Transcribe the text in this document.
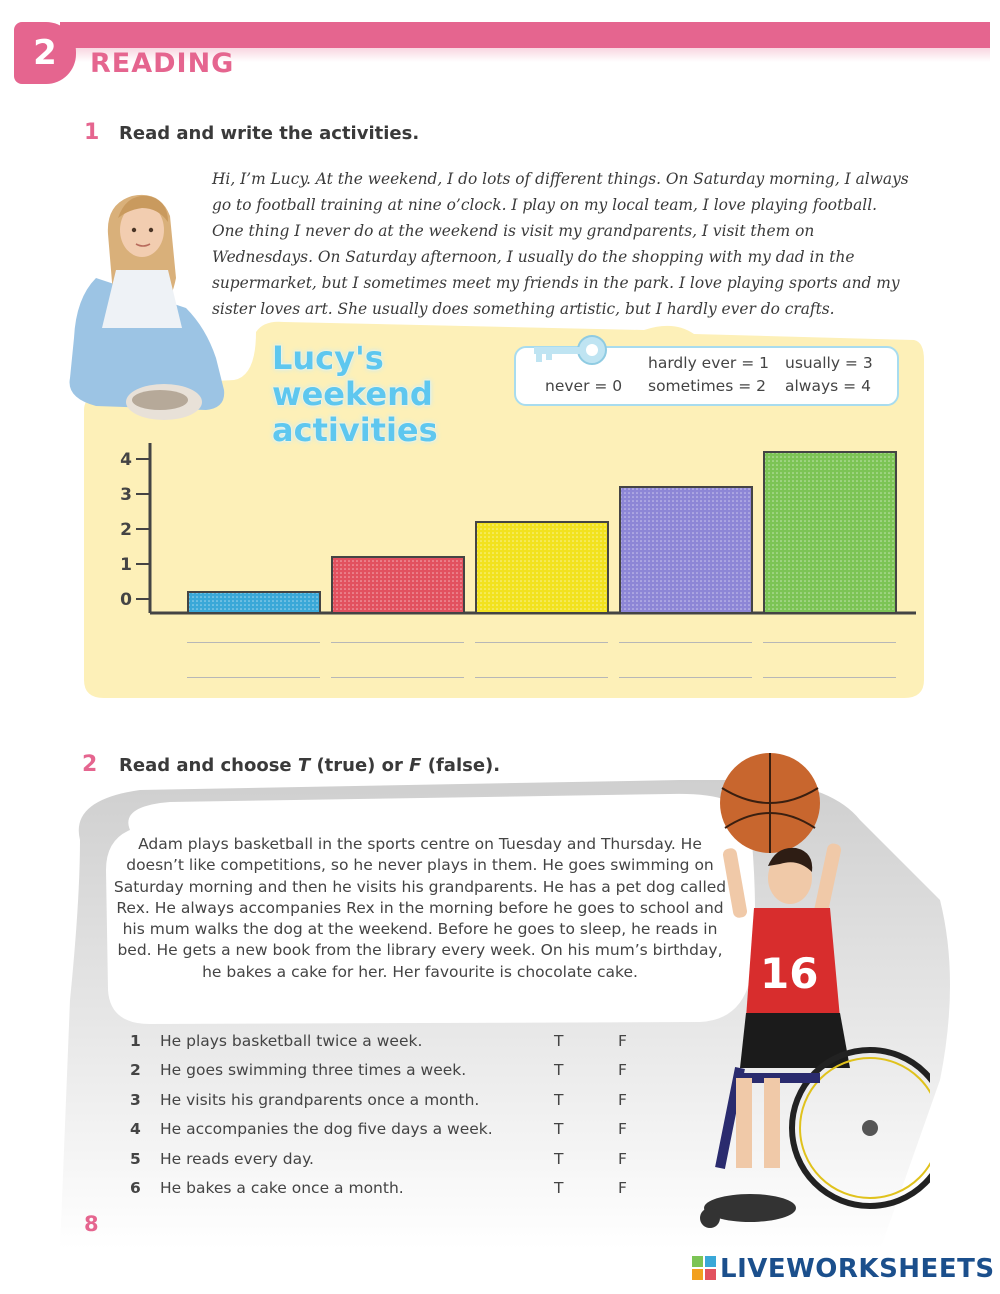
2 READING
1 Read and write the activities.
Hi, I’m Lucy. At the weekend, I do lots of different things. On Saturday morning, I always go to football training at nine o’clock. I play on my local team, I love playing football. One thing I never do at the weekend is visit my grandparents, I visit them on Wednesdays. On Saturday afternoon, I usually do the shopping with my dad in the supermarket, but I sometimes meet my friends in the park. I love playing sports and my sister loves art. She usually does something artistic, but I hardly ever do crafts.
Lucy's
weekend
activities
hardly ever = 1 usually = 3
never = 0 sometimes = 2 always = 4
0
1
2
3
4
2 Read and choose T (true) or F (false).
Adam plays basketball in the sports centre on Tuesday and Thursday. He doesn’t like competitions, so he never plays in them. He goes swimming on Saturday morning and then he visits his grandparents. He has a pet dog called Rex. He always accompanies Rex in the morning before he goes to school and his mum walks the dog at the weekend. Before he goes to sleep, he reads in bed. He gets a new book from the library every week. On his mum’s birthday, he bakes a cake for her. Her favourite is chocolate cake.	16
1 He plays basketball twice a week.	T	F
2 He goes swimming three times a week.	T	F
3 He visits his grandparents once a month.	T	F
4 He accompanies the dog five days a week.	T	F
5 He reads every day.	T	F
6 He bakes a cake once a month.	T	F
8
LIVEWORKSHEETS
